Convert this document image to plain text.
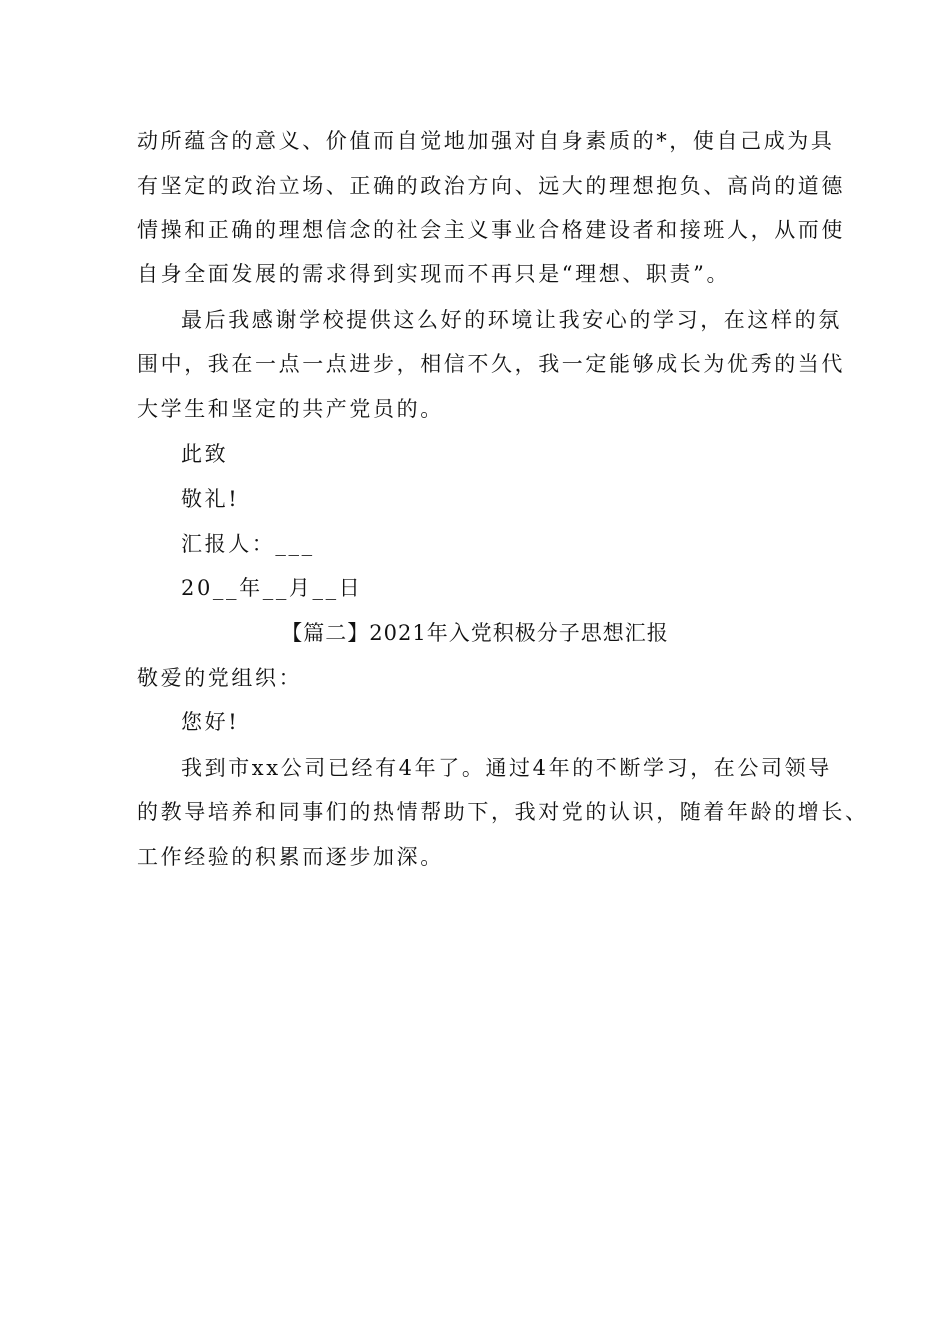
动所蕴含的意义、价值而自觉地加强对自身素质的*，使自己成为具
有坚定的政治立场、正确的政治方向、远大的理想抱负、高尚的道德
情操和正确的理想信念的社会主义事业合格建设者和接班人，从而使
自身全面发展的需求得到实现而不再只是“理想、职责”。
最后我感谢学校提供这么好的环境让我安心的学习，在这样的氛
围中，我在一点一点进步，相信不久，我一定能够成长为优秀的当代
大学生和坚定的共产党员的。
此致
敬礼!
汇报人：___
20__年__月__日
【篇二】2021年入党积极分子思想汇报
敬爱的党组织：
您好!
我到市xx公司已经有4年了。通过4年的不断学习，在公司领导
的教导培养和同事们的热情帮助下，我对党的认识，随着年龄的增长、
工作经验的积累而逐步加深。
